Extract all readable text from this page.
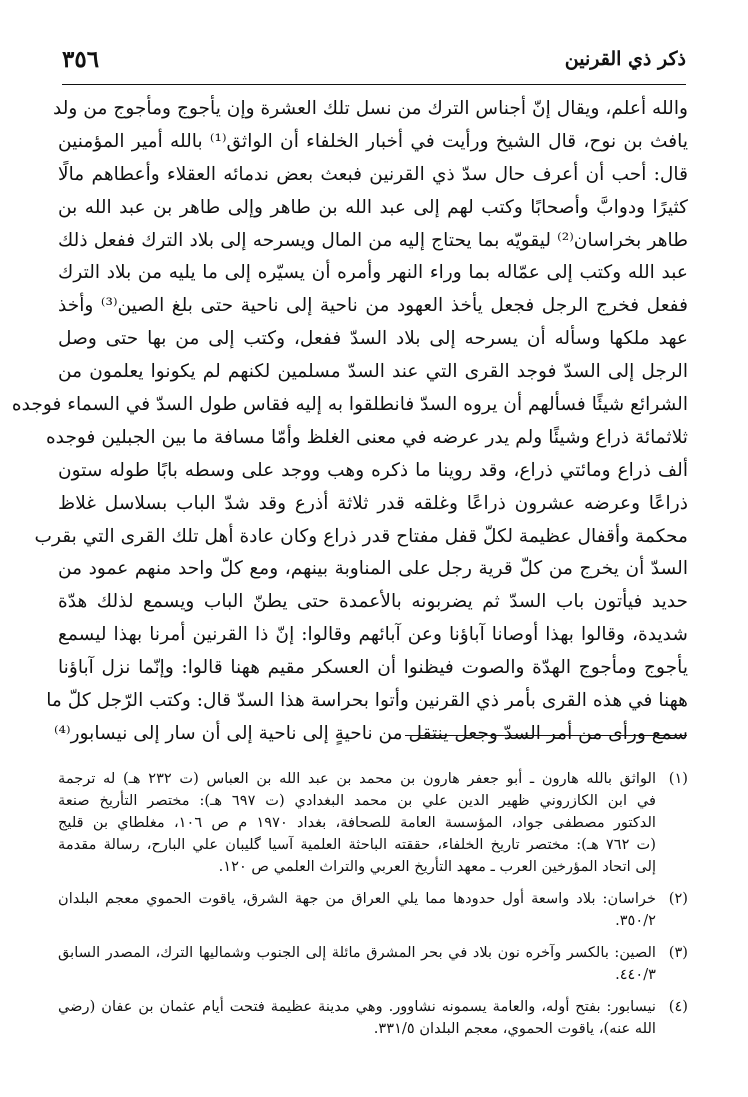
ذكر ذي القرنين
٣٥٦
والله أعلم، ويقال إنّ أجناس الترك من نسل تلك العشرة وإن يأجوج ومأجوج من ولد
يافث بن نوح، قال الشيخ ورأيت في أخبار الخلفاء أن الواثق⁽¹⁾ بالله أمير المؤمنين
قال: أحب أن أعرف حال سدّ ذي القرنين فبعث بعض ندمائه العقلاء وأعطاهم مالًا
كثيرًا ودوابَّ وأصحابًا وكتب لهم إلى عبد الله بن طاهر وإلى طاهر بن عبد الله بن
طاهر بخراسان⁽²⁾ ليقويّه بما يحتاج إليه من المال ويسرحه إلى بلاد الترك ففعل ذلك
عبد الله وكتب إلى عمّاله بما وراء النهر وأمره أن يسيّره إلى ما يليه من بلاد الترك
ففعل فخرج الرجل فجعل يأخذ العهود من ناحية إلى ناحية حتى بلغ الصين⁽³⁾ وأخذ
عهد ملكها وسأله أن يسرحه إلى بلاد السدّ ففعل، وكتب إلى من بها حتى وصل
الرجل إلى السدّ فوجد القرى التي عند السدّ مسلمين لكنهم لم يكونوا يعلمون من
الشرائع شيئًا فسألهم أن يروه السدّ فانطلقوا به إليه فقاس طول السدّ في السماء فوجده
ثلاثمائة ذراع وشيئًا ولم يدر عرضه في معنى الغلظ وأمّا مسافة ما بين الجبلين فوجده
ألف ذراع ومائتي ذراع، وقد روينا ما ذكره وهب ووجد على وسطه بابًا طوله ستون
ذراعًا وعرضه عشرون ذراعًا وغلقه قدر ثلاثة أذرع وقد شدّ الباب بسلاسل غلاظ
محكمة وأقفال عظيمة لكلّ قفل مفتاح قدر ذراع وكان عادة أهل تلك القرى التي بقرب
السدّ أن يخرج من كلّ قرية رجل على المناوبة بينهم، ومع كلّ واحد منهم عمود من
حديد فيأتون باب السدّ ثم يضربونه بالأعمدة حتى يطنّ الباب ويسمع لذلك هدّة
شديدة، وقالوا بهذا أوصانا آباؤنا وعن آبائهم وقالوا: إنّ ذا القرنين أمرنا بهذا ليسمع
يأجوج ومأجوج الهدّة والصوت فيظنوا أن العسكر مقيم ههنا قالوا: وإنّما نزل آباؤنا
ههنا في هذه القرى بأمر ذي القرنين وأتوا بحراسة هذا السدّ قال: وكتب الرّجل كلّ ما
سمع ورأى من أمر السدّ وجعل ينتقل من ناحيةٍ إلى ناحية إلى أن سار إلى نيسابور⁽⁴⁾
(١)
الواثق بالله هارون ـ أبو جعفر هارون بن محمد بن عبد الله بن العباس (ت ٢٣٢ هـ) له ترجمة
في ابن الكازروني ظهير الدين علي بن محمد البغدادي (ت ٦٩٧ هـ): مختصر التأريخ صنعة
الدكتور مصطفى جواد، المؤسسة العامة للصحافة، بغداد ١٩٧٠ م ص ١٠٦، مغلطاي بن قليج
(ت ٧٦٢ هـ): مختصر تاريخ الخلفاء، حققته الباحثة العلمية آسيا گليبان علي البارح، رسالة مقدمة
إلى اتحاد المؤرخين العرب ـ معهد التأريخ العربي والتراث العلمي ص ١٢٠.
(٢)
خراسان: بلاد واسعة أول حدودها مما يلي العراق من جهة الشرق، ياقوت الحموي معجم البلدان
٣٥٠/٢.
(٣)
الصين: بالكسر وآخره نون بلاد في بحر المشرق مائلة إلى الجنوب وشماليها الترك، المصدر السابق
٤٤٠/٣.
(٤)
نيسابور: بفتح أوله، والعامة يسمونه نشاوور. وهي مدينة عظيمة فتحت أيام عثمان بن عفان (رضي
الله عنه)، ياقوت الحموي، معجم البلدان ٣٣١/٥.
